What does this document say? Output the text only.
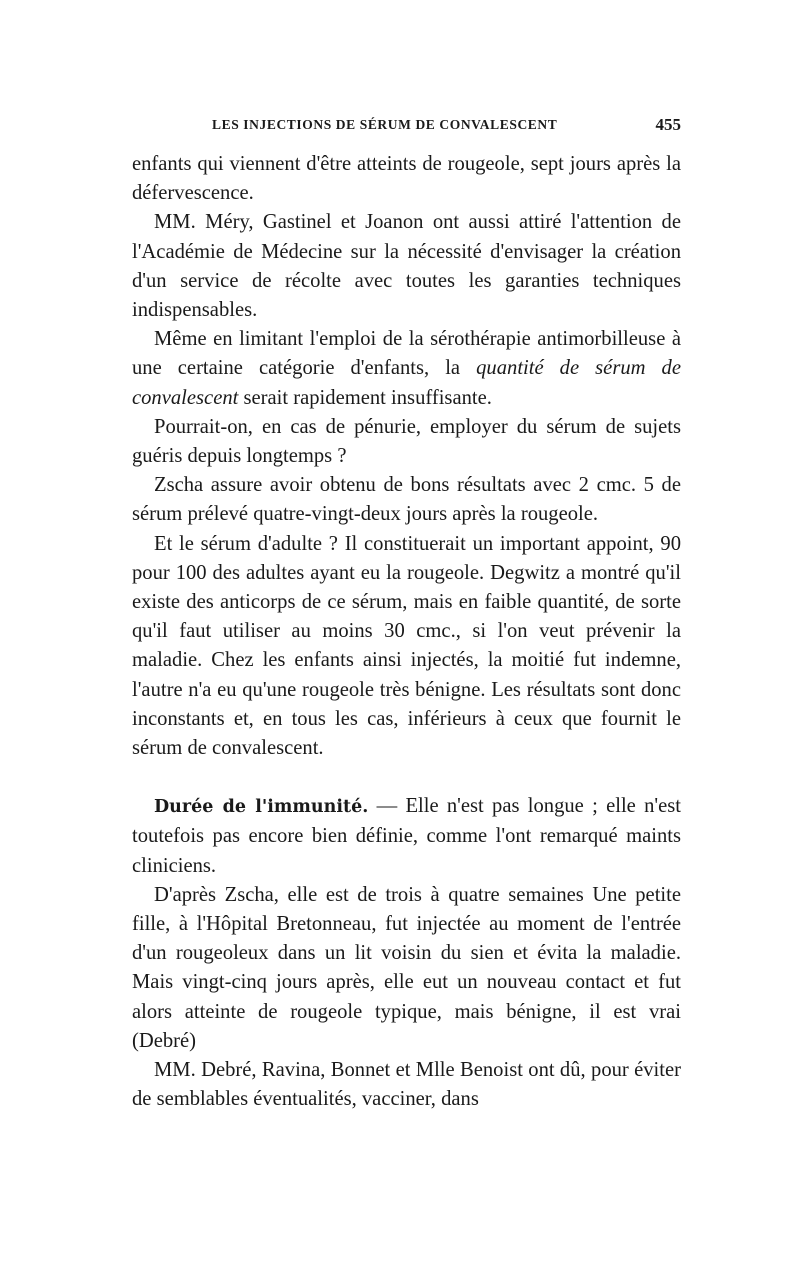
LES INJECTIONS DE SÉRUM DE CONVALESCENT	455

enfants qui viennent d'être atteints de rougeole, sept jours après la défervescence.

MM. Méry, Gastinel et Joanon ont aussi attiré l'attention de l'Académie de Médecine sur la nécessité d'envisager la création d'un service de récolte avec toutes les garanties techniques indispensables.

Même en limitant l'emploi de la sérothérapie antimorbilleuse à une certaine catégorie d'enfants, la quantité de sérum de convalescent serait rapidement insuffisante.

Pourrait-on, en cas de pénurie, employer du sérum de sujets guéris depuis longtemps ?

Zscha assure avoir obtenu de bons résultats avec 2 cmc. 5 de sérum prélevé quatre-vingt-deux jours après la rougeole.

Et le sérum d'adulte ? Il constituerait un important appoint, 90 pour 100 des adultes ayant eu la rougeole. Degwitz a montré qu'il existe des anticorps de ce sérum, mais en faible quantité, de sorte qu'il faut utiliser au moins 30 cmc., si l'on veut prévenir la maladie. Chez les enfants ainsi injectés, la moitié fut indemne, l'autre n'a eu qu'une rougeole très bénigne. Les résultats sont donc inconstants et, en tous les cas, inférieurs à ceux que fournit le sérum de convalescent.

Durée de l'immunité. — Elle n'est pas longue ; elle n'est toutefois pas encore bien définie, comme l'ont remarqué maints cliniciens.

D'après Zscha, elle est de trois à quatre semaines Une petite fille, à l'Hôpital Bretonneau, fut injectée au moment de l'entrée d'un rougeoleux dans un lit voisin du sien et évita la maladie. Mais vingt-cinq jours après, elle eut un nouveau contact et fut alors atteinte de rougeole typique, mais bénigne, il est vrai (Debré)

MM. Debré, Ravina, Bonnet et Mlle Benoist ont dû, pour éviter de semblables éventualités, vacciner, dans
